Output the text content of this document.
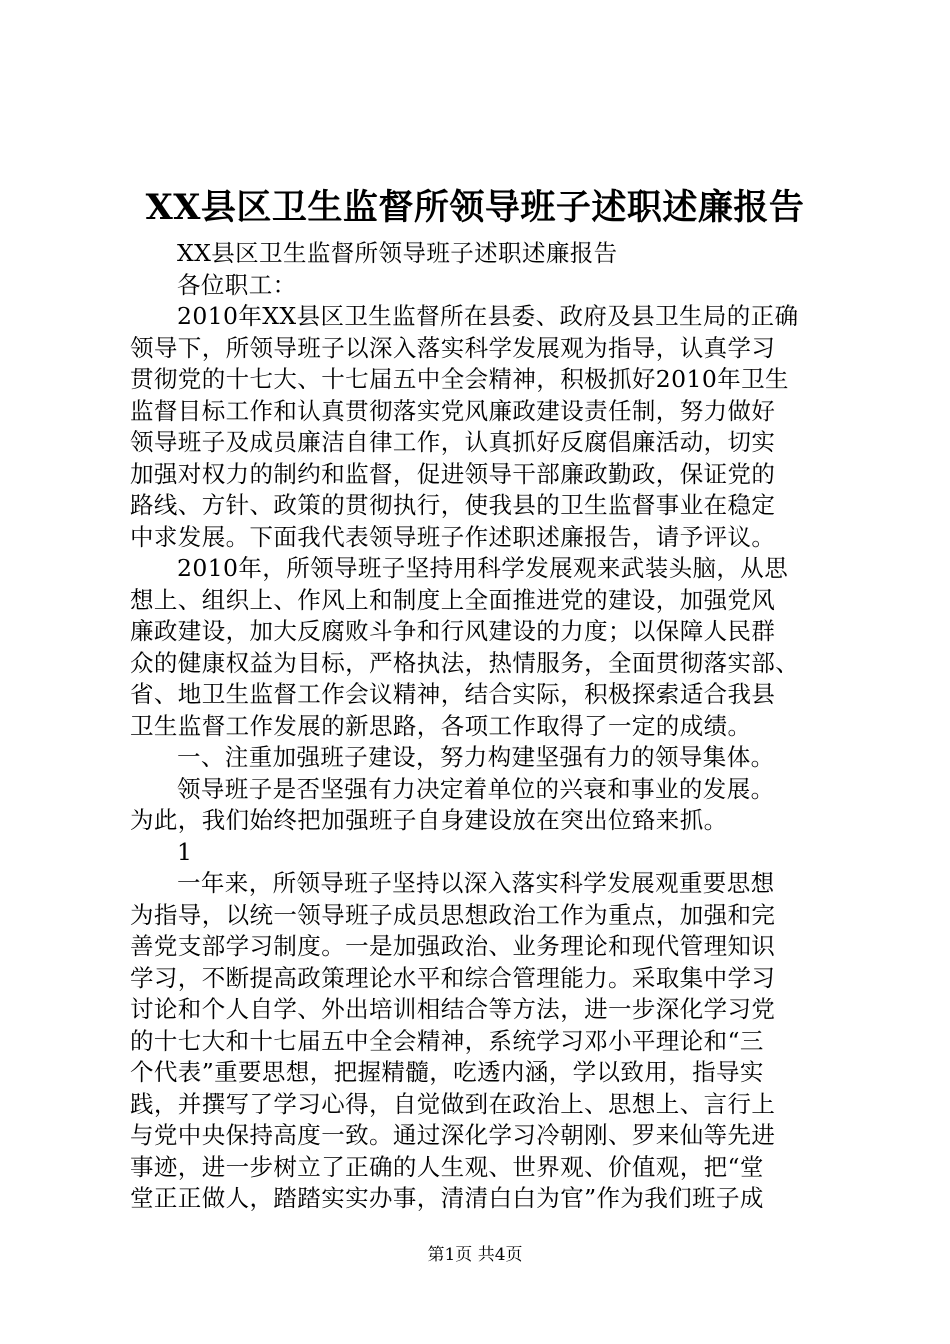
XX县区卫生监督所领导班子述职述廉报告
XX县区卫生监督所领导班子述职述廉报告
各位职工：
2010年XX县区卫生监督所在县委、政府及县卫生局的正确
领导下，所领导班子以深入落实科学发展观为指导，认真学习
贯彻党的十七大、十七届五中全会精神，积极抓好2010年卫生
监督目标工作和认真贯彻落实党风廉政建设责任制，努力做好
领导班子及成员廉洁自律工作，认真抓好反腐倡廉活动，切实
加强对权力的制约和监督，促进领导干部廉政勤政，保证党的
路线、方针、政策的贯彻执行，使我县的卫生监督事业在稳定
中求发展。下面我代表领导班子作述职述廉报告，请予评议。
2010年，所领导班子坚持用科学发展观来武装头脑，从思
想上、组织上、作风上和制度上全面推进党的建设，加强党风
廉政建设，加大反腐败斗争和行风建设的力度；以保障人民群
众的健康权益为目标，严格执法，热情服务，全面贯彻落实部、
省、地卫生监督工作会议精神，结合实际，积极探索适合我县
卫生监督工作发展的新思路，各项工作取得了一定的成绩。
一、注重加强班子建设，努力构建坚强有力的领导集体。
领导班子是否坚强有力决定着单位的兴衰和事业的发展。
为此，我们始终把加强班子自身建设放在突出位臵来抓。
1
一年来，所领导班子坚持以深入落实科学发展观重要思想
为指导，以统一领导班子成员思想政治工作为重点，加强和完
善党支部学习制度。一是加强政治、业务理论和现代管理知识
学习，不断提高政策理论水平和综合管理能力。采取集中学习
讨论和个人自学、外出培训相结合等方法，进一步深化学习党
的十七大和十七届五中全会精神，系统学习邓小平理论和“三
个代表”重要思想，把握精髓，吃透内涵，学以致用，指导实
践，并撰写了学习心得，自觉做到在政治上、思想上、言行上
与党中央保持高度一致。通过深化学习冷朝刚、罗来仙等先进
事迹，进一步树立了正确的人生观、世界观、价值观，把“堂
堂正正做人，踏踏实实办事，清清白白为官”作为我们班子成
第1页 共4页
